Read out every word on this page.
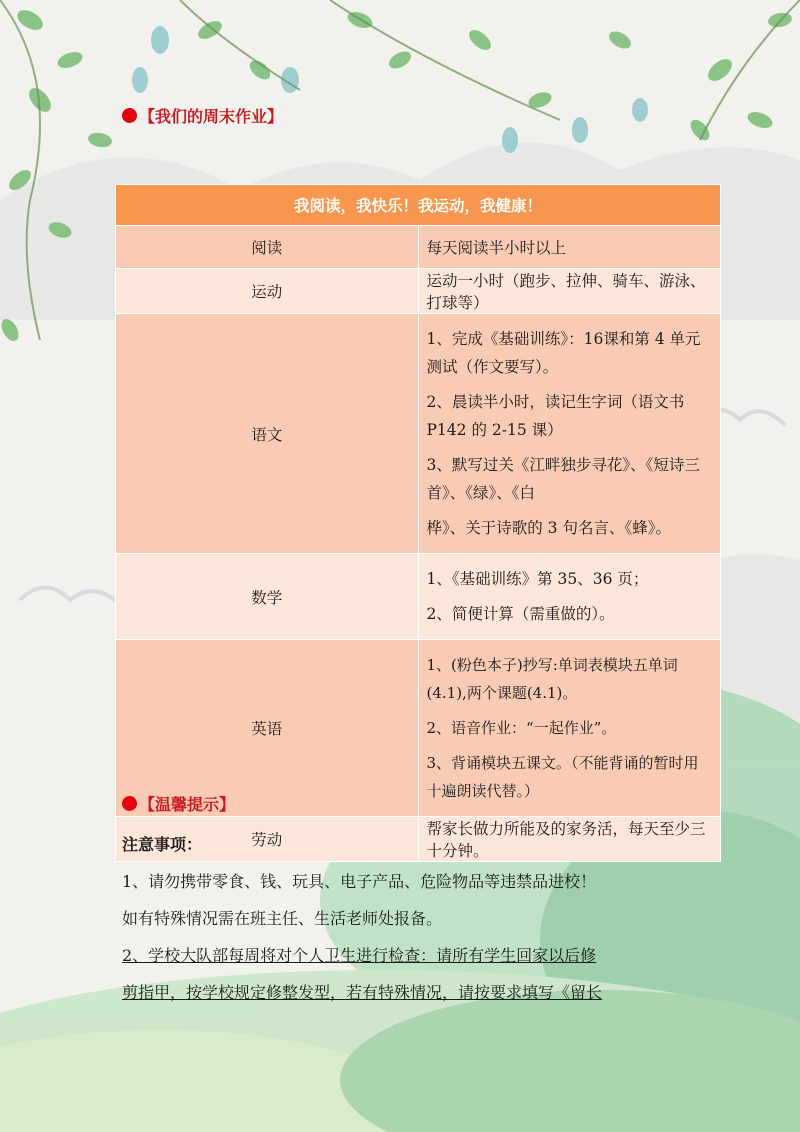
【我们的周末作业】
我阅读，我快乐！我运动，我健康！	
阅读	每天阅读半小时以上

运动	运动一小时（跑步、拉伸、骑车、游泳、打球等）

语文	1、完成《基础训练》：16课和第 4 单元测试（作文要写）。
2、晨读半小时，读记生字词（语文书 P142 的 2-15 课）
3、默写过关《江畔独步寻花》、《短诗三首》、《绿》、《白
桦》、关于诗歌的 3 句名言、《蜂》。

数学	1、《基础训练》第 35、36 页；
2、简便计算（需重做的）。

英语	1、(粉色本子)抄写:单词表模块五单词(4.1),两个课题(4.1)。
2、语音作业：“一起作业”。
3、背诵模块五课文。（不能背诵的暂时用十遍朗读代替。）

劳动	帮家长做力所能及的家务活，每天至少三十分钟。
【温馨提示】
注意事项：
1、请勿携带零食、钱、玩具、电子产品、危险物品等违禁品进校！
如有特殊情况需在班主任、生活老师处报备。
2、学校大队部每周将对个人卫生进行检查：请所有学生回家以后修
剪指甲，按学校规定修整发型，若有特殊情况，请按要求填写《留长
